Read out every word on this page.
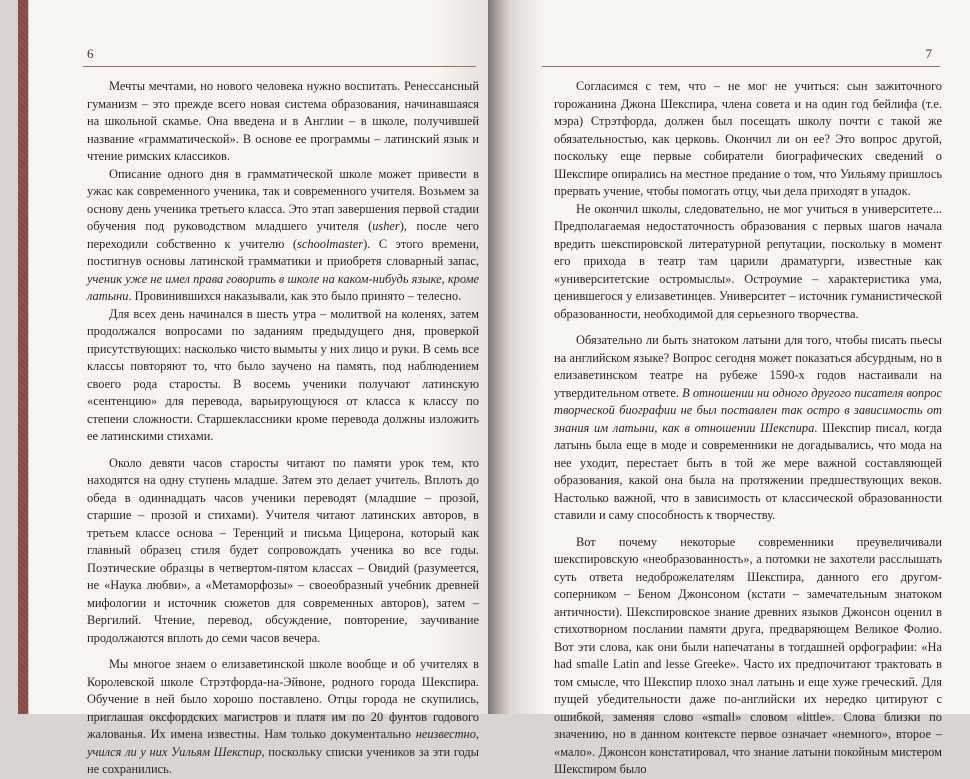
6

Мечты мечтами, но нового человека нужно воспитать. Ренессансный гуманизм – это прежде всего новая система образования, начинавшаяся на школьной скамье. Она введена и в Англии – в школе, получившей название «грамматической». В основе ее программы – латинский язык и чтение римских классиков.

Описание одного дня в грамматической школе может привести в ужас как современного ученика, так и современного учителя. Возьмем за основу день ученика третьего класса. Это этап завершения первой стадии обучения под руководством младшего учителя (usher), после чего переходили собственно к учителю (schoolmaster). С этого времени, постигнув основы латинской грамматики и приобретя словарный запас, ученик уже не имел права говорить в школе на каком-нибудь языке, кроме латыни. Провинившихся наказывали, как это было принято – телесно.

Для всех день начинался в шесть утра – молитвой на коленях, затем продолжался вопросами по заданиям предыдущего дня, проверкой присутствующих: насколько чисто вымыты у них лицо и руки. В семь все классы повторяют то, что было заучено на память, под наблюдением своего рода старосты. В восемь ученики получают латинскую «сентенцию» для перевода, варьирующуюся от класса к классу по степени сложности. Старшеклассники кроме перевода должны изложить ее латинскими стихами.

Около девяти часов старосты читают по памяти урок тем, кто находятся на одну ступень младше. Затем это делает учитель. Вплоть до обеда в одиннадцать часов ученики переводят (младшие – прозой, старшие – прозой и стихами). Учителя читают латинских авторов, в третьем классе основа – Теренций и письма Цицерона, который как главный образец стиля будет сопровождать ученика во все годы. Поэтические образцы в четвертом-пятом классах – Овидий (разумеется, не «Наука любви», а «Метаморфозы» – своеобразный учебник древней мифологии и источник сюжетов для современных авторов), затем – Вергилий. Чтение, перевод, обсуждение, повторение, заучивание продолжаются вплоть до семи часов вечера.

Мы многое знаем о елизаветинской школе вообще и об учителях в Королевской школе Стрэтфорда-на-Эйвоне, родного города Шекспира. Обучение в ней было хорошо поставлено. Отцы города не скупились, приглашая оксфордских магистров и платя им по 20 фунтов годового жалованья. Их имена известны. Нам только документально неизвестно, учился ли у них Уильям Шекспир, поскольку списки учеников за эти годы не сохранились.

7

Согласимся с тем, что – не мог не учиться: сын зажиточного горожанина Джона Шекспира, члена совета и на один год бейлифа (т.е. мэра) Стрэтфорда, должен был посещать школу почти с такой же обязательностью, как церковь. Окончил ли он ее? Это вопрос другой, поскольку еще первые собиратели биографических сведений о Шекспире опирались на местное предание о том, что Уильяму пришлось прервать учение, чтобы помогать отцу, чьи дела приходят в упадок.

Не окончил школы, следовательно, не мог учиться в университете... Предполагаемая недостаточность образования с первых шагов начала вредить шекспировской литературной репутации, поскольку в момент его прихода в театр там царили драматурги, известные как «университетские остромыслы». Остроумие – характеристика ума, ценившегося у елизаветинцев. Университет – источник гуманистической образованности, необходимой для серьезного творчества.

Обязательно ли быть знатоком латыни для того, чтобы писать пьесы на английском языке? Вопрос сегодня может показаться абсурдным, но в елизаветинском театре на рубеже 1590-х годов настаивали на утвердительном ответе. В отношении ни одного другого писателя вопрос творческой биографии не был поставлен так остро в зависимость от знания им латыни, как в отношении Шекспира. Шекспир писал, когда латынь была еще в моде и современники не догадывались, что мода на нее уходит, перестает быть в той же мере важной составляющей образования, какой она была на протяжении предшествующих веков. Настолько важной, что в зависимость от классической образованности ставили и саму способность к творчеству.

Вот почему некоторые современники преувеличивали шекспировскую «необразованность», а потомки не захотели расслышать суть ответа недоброжелателям Шекспира, данного его другом-соперником – Беном Джонсоном (кстати – замечательным знатоком античности). Шекспировское знание древних языков Джонсон оценил в стихотворном послании памяти друга, предваряющем Великое Фолио. Вот эти слова, как они были напечатаны в тогдашней орфографии: «Ha had smalle Latin and lesse Greeke». Часто их предпочитают трактовать в том смысле, что Шекспир плохо знал латынь и еще хуже греческий. Для пущей убедительности даже по-английски их нередко цитируют с ошибкой, заменяя слово «small» словом «little». Слова близки по значению, но в данном контексте первое означает «немного», второе – «мало». Джонсон констатировал, что знание латыни покойным мистером Шекспиром было
